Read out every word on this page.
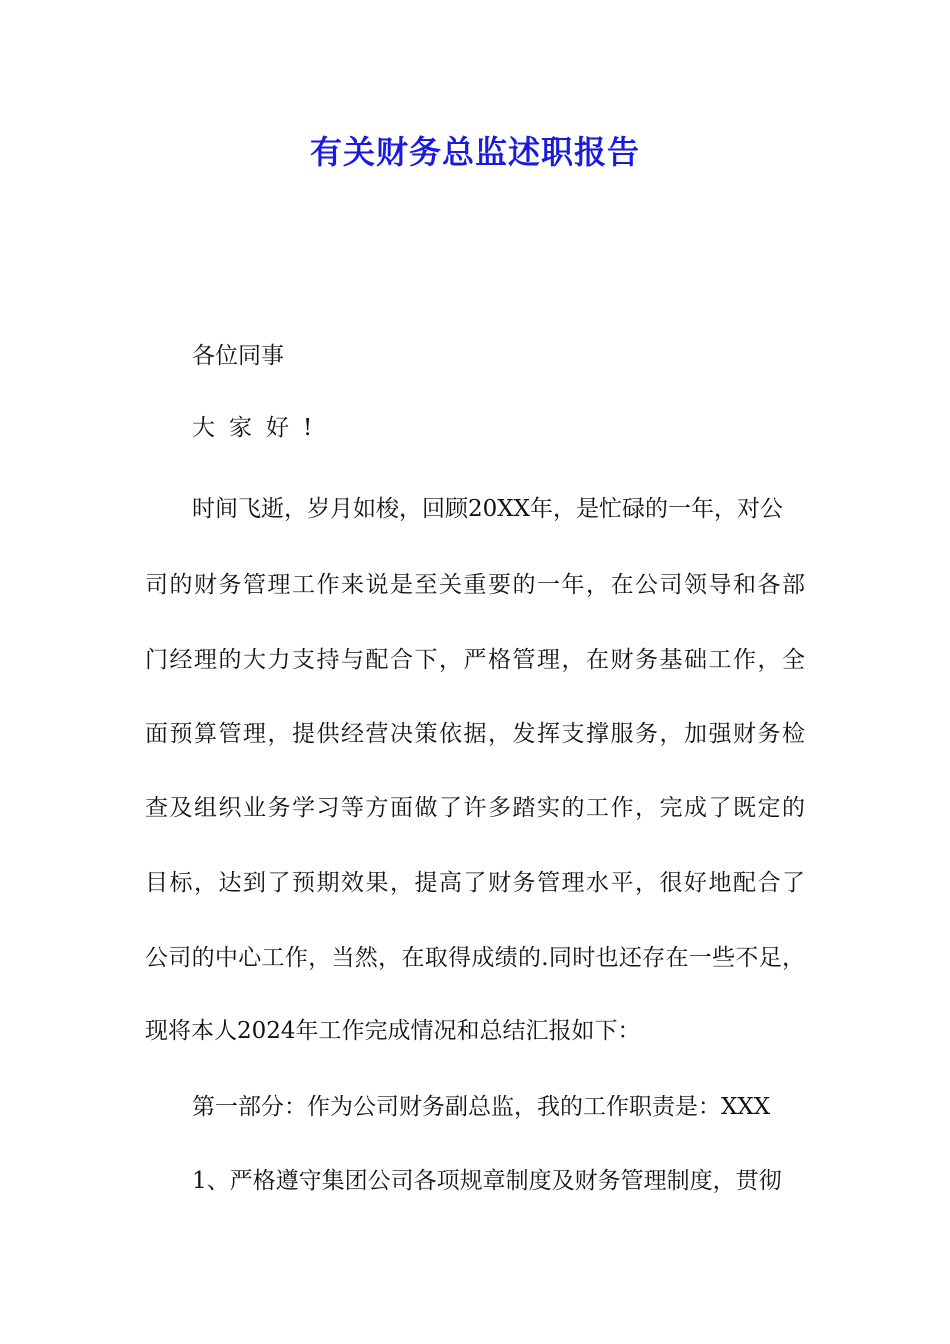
有关财务总监述职报告
各位同事
大家好!
时间飞逝，岁月如梭，回顾20XX年，是忙碌的一年，对公
司的财务管理工作来说是至关重要的一年，在公司领导和各部
门经理的大力支持与配合下，严格管理，在财务基础工作，全
面预算管理，提供经营决策依据，发挥支撑服务，加强财务检
查及组织业务学习等方面做了许多踏实的工作，完成了既定的
目标，达到了预期效果，提高了财务管理水平，很好地配合了
公司的中心工作，当然，在取得成绩的.同时也还存在一些不足，
现将本人2024年工作完成情况和总结汇报如下：
第一部分：作为公司财务副总监，我的工作职责是：XXX
1、严格遵守集团公司各项规章制度及财务管理制度，贯彻
